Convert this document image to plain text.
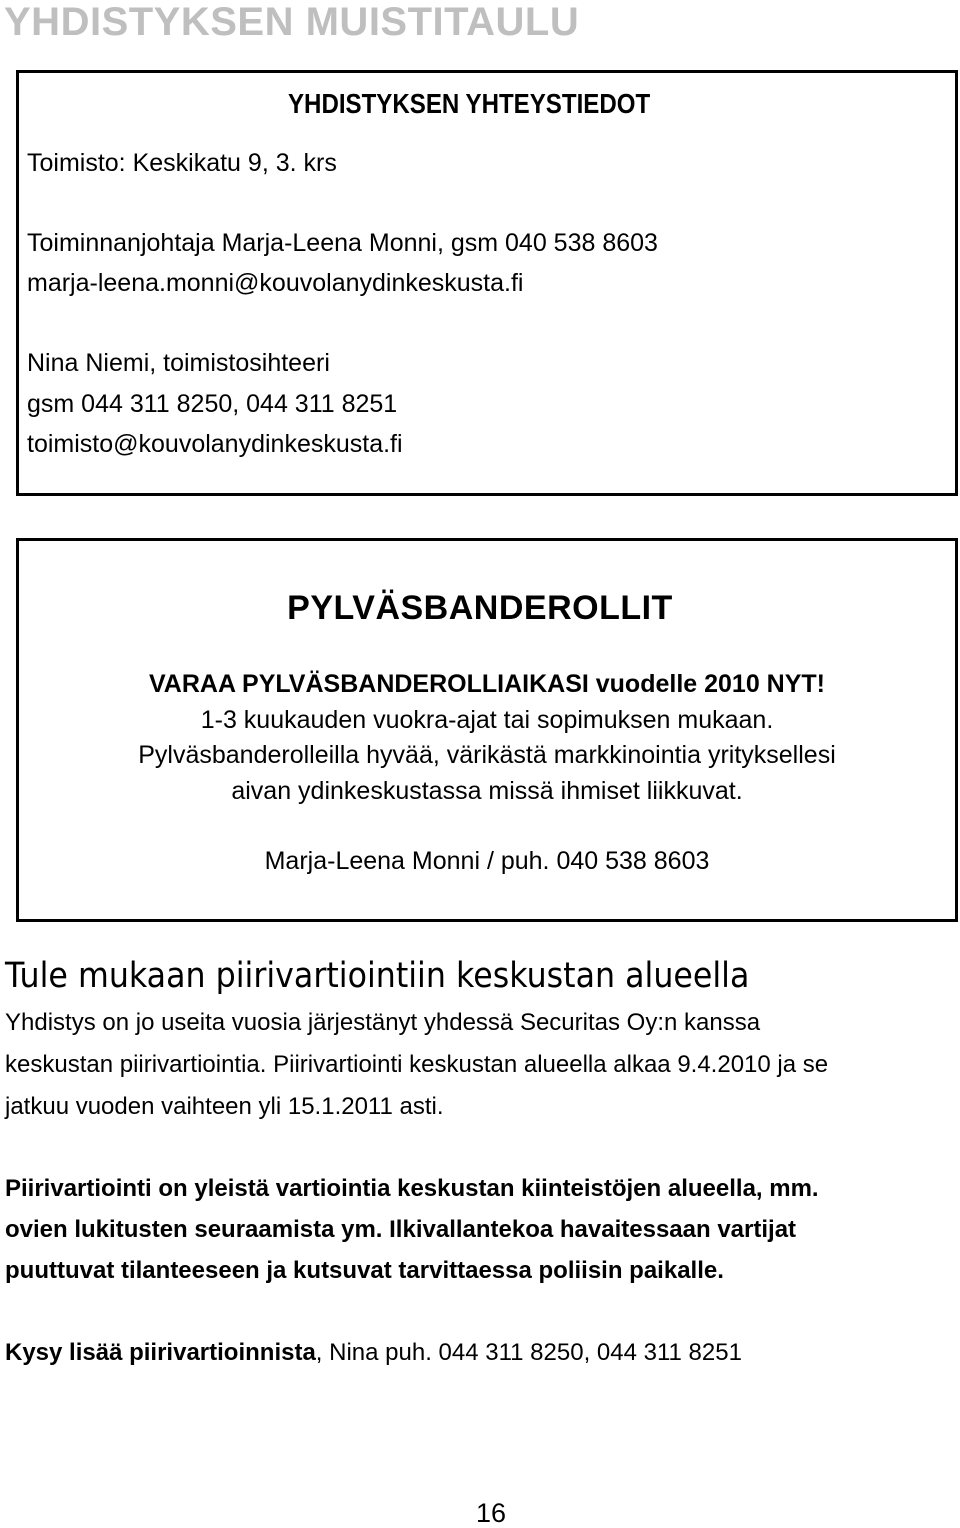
YHDISTYKSEN MUISTITAULU
YHDISTYKSEN YHTEYSTIEDOT
Toimisto: Keskikatu 9, 3. krs
Toiminnanjohtaja Marja-Leena Monni, gsm 040 538 8603
marja-leena.monni@kouvolanydinkeskusta.fi
Nina Niemi, toimistosihteeri
gsm 044 311 8250, 044 311 8251
toimisto@kouvolanydinkeskusta.fi
PYLVÄSBANDEROLLIT
VARAA PYLVÄSBANDEROLLIAIKASI vuodelle 2010 NYT!
1-3 kuukauden vuokra-ajat tai sopimuksen mukaan.
Pylväsbanderolleilla hyvää, värikästä markkinointia yrityksellesi
aivan ydinkeskustassa missä ihmiset liikkuvat.
Marja-Leena Monni / puh. 040 538 8603
Tule mukaan piirivartiointiin keskustan alueella
Yhdistys on jo useita vuosia järjestänyt yhdessä Securitas Oy:n kanssa
keskustan piirivartiointia. Piirivartiointi keskustan alueella alkaa 9.4.2010 ja se
jatkuu vuoden vaihteen yli 15.1.2011 asti.
Piirivartiointi on yleistä vartiointia keskustan kiinteistöjen alueella, mm.
ovien lukitusten seuraamista ym. Ilkivallantekoa havaitessaan vartijat
puuttuvat tilanteeseen ja kutsuvat tarvittaessa poliisin paikalle.
Kysy lisää piirivartioinnista, Nina puh. 044 311 8250, 044 311 8251
16
